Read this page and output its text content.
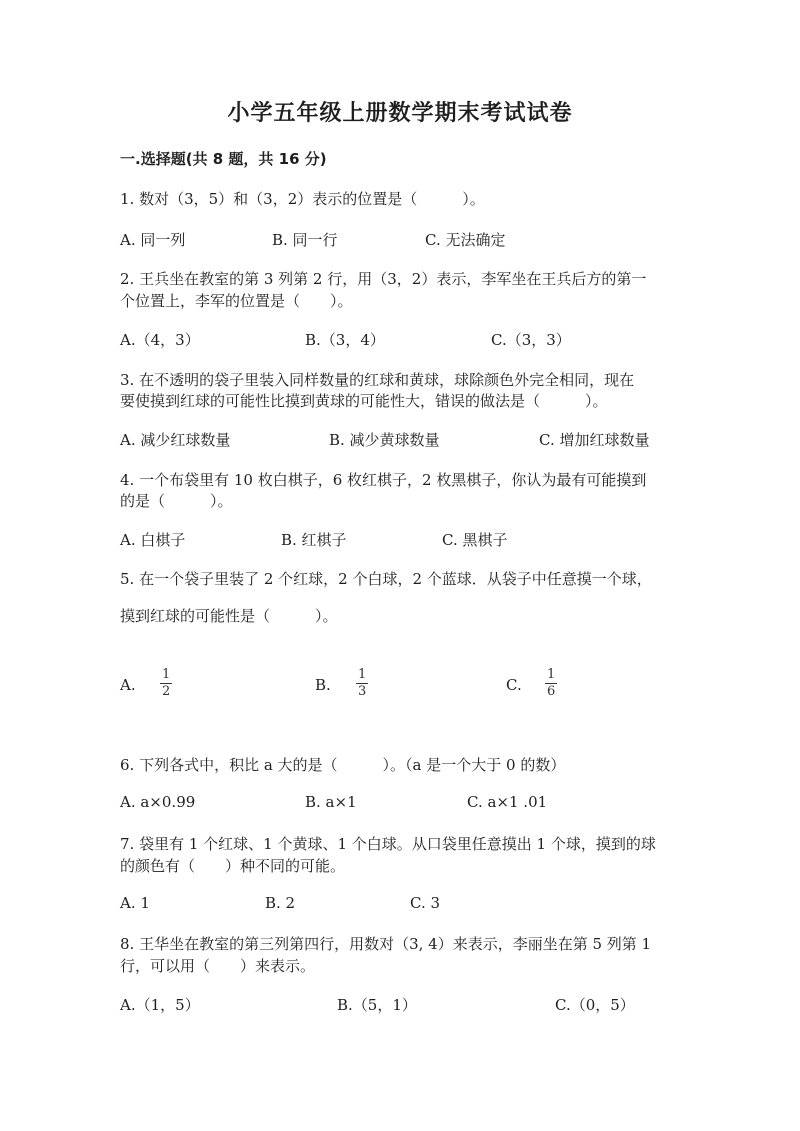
小学五年级上册数学期末考试试卷
一.选择题(共 8 题，共 16 分)
1. 数对（3，5）和（3，2）表示的位置是（　　　）。
A. 同一列	B. 同一行	C. 无法确定
2. 王兵坐在教室的第 3 列第 2 行，用（3，2）表示，李军坐在王兵后方的第一
个位置上，李军的位置是（　　）。
A.（4，3）	B.（3，4）	C.（3，3）
3. 在不透明的袋子里装入同样数量的红球和黄球，球除颜色外完全相同，现在
要使摸到红球的可能性比摸到黄球的可能性大，错误的做法是（　　　）。
A. 减少红球数量	B. 减少黄球数量	C. 增加红球数量
4. 一个布袋里有 10 枚白棋子，6 枚红棋子，2 枚黑棋子，你认为最有可能摸到
的是（　　　）。
A. 白棋子	B. 红棋子	C. 黑棋子
5. 在一个袋子里装了 2 个红球，2 个白球，2 个蓝球．从袋子中任意摸一个球，
摸到红球的可能性是（　　　）。
A.
1
2	B.
1
3	C.
1
6
6. 下列各式中，积比 a 大的是（　　　）。（a 是一个大于 0 的数）
A. a×0.99	B. a×1	C. a×1 .01
7. 袋里有 1 个红球、1 个黄球、1 个白球。从口袋里任意摸出 1 个球，摸到的球
的颜色有（　　）种不同的可能。
A. 1	B. 2	C. 3
8. 王华坐在教室的第三列第四行，用数对（3, 4）来表示，李丽坐在第 5 列第 1
行，可以用（　　）来表示。
A.（1，5）	B.（5，1）	C.（0，5）
